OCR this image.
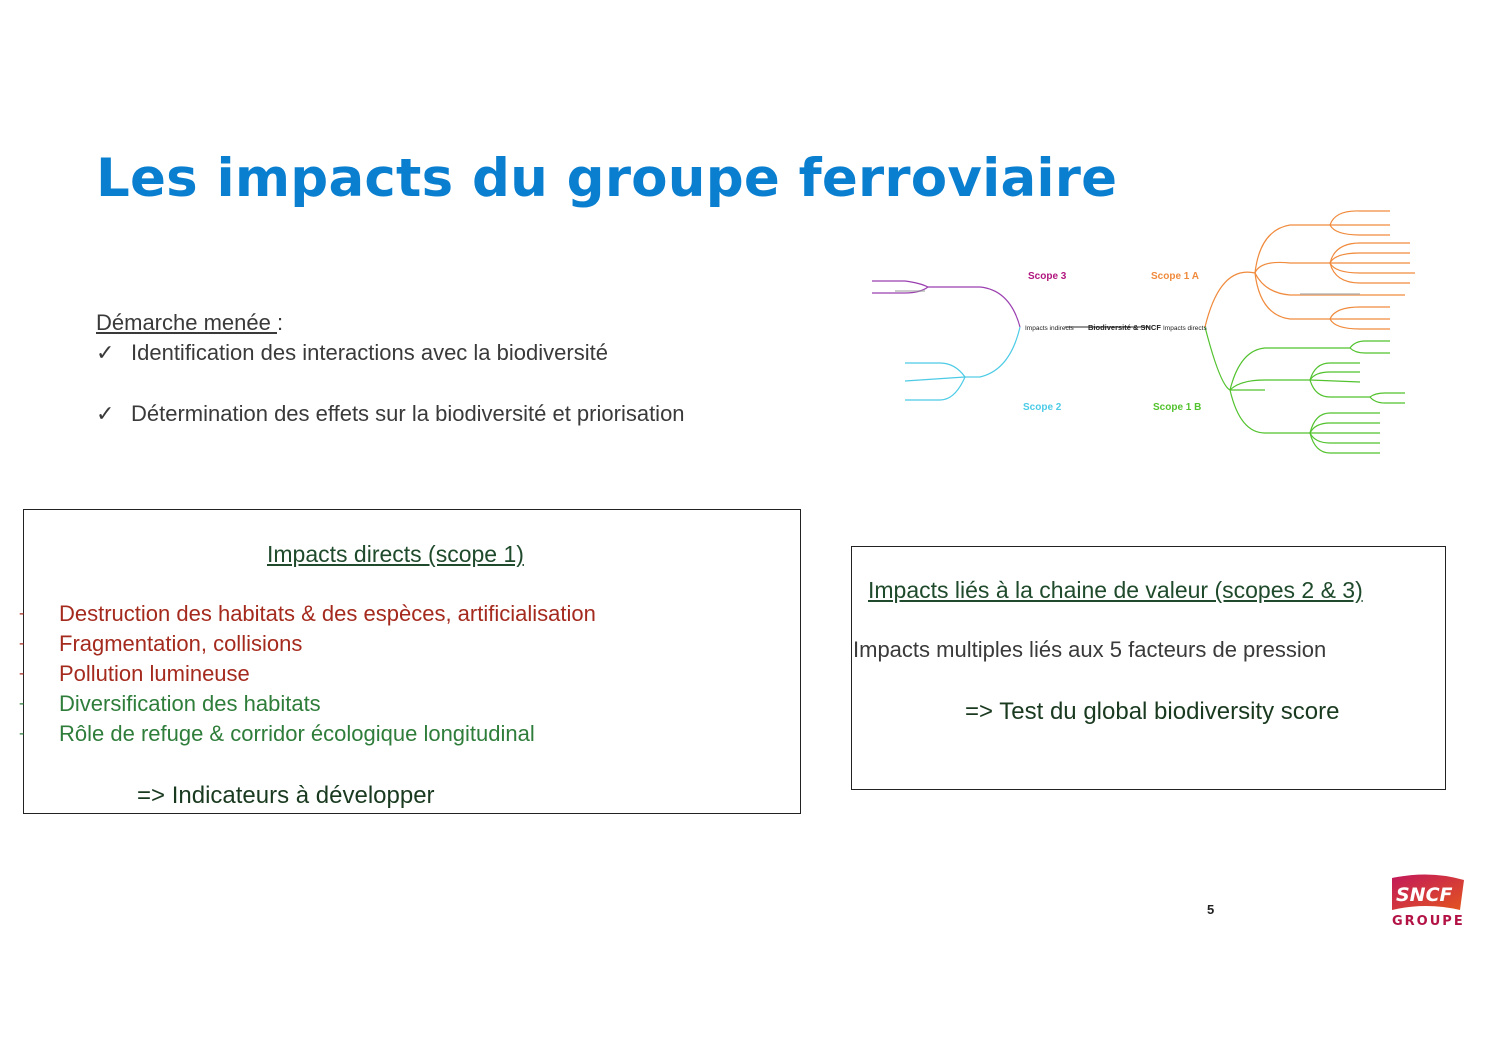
Les impacts du groupe ferroviaire
Démarche menée :
✓ Identification des interactions avec la biodiversité
✓ Détermination des effets sur la biodiversité et priorisation
Biodiversité & SNCF Impacts directs
Impacts indirects
Scope 3	Scope 1 A
Scope 2	Scope 1 B
Impacts directs (scope 1)
- Destruction des habitats & des espèces, artificialisation
- Fragmentation, collisions
- Pollution lumineuse
- Diversification des habitats
- Rôle de refuge & corridor écologique longitudinal
=> Indicateurs à développer
Impacts liés à la chaine de valeur (scopes 2 & 3)
Impacts multiples liés aux 5 facteurs de pression
=> Test du global biodiversity score
5
SNCF
GROUPE
